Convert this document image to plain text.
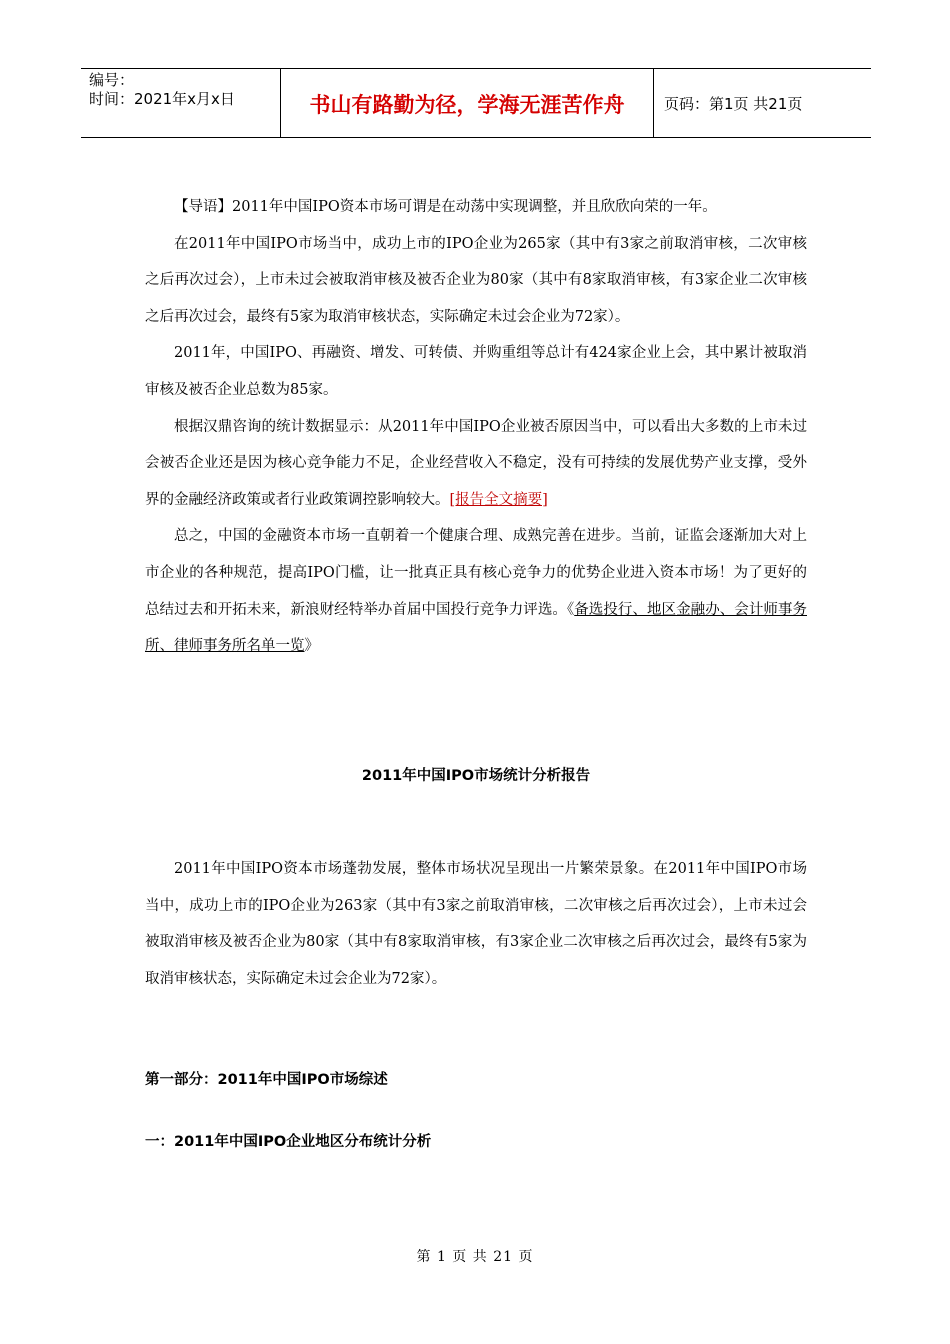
编号：
时间：2021年x月x日	书山有路勤为径，学海无涯苦作舟	页码：第1页 共21页

【导语】2011年中国IPO资本市场可谓是在动荡中实现调整，并且欣欣向荣的一年。

在2011年中国IPO市场当中，成功上市的IPO企业为265家（其中有3家之前取消审核，二次审核之后再次过会），上市未过会被取消审核及被否企业为80家（其中有8家取消审核，有3家企业二次审核之后再次过会，最终有5家为取消审核状态，实际确定未过会企业为72家）。

2011年，中国IPO、再融资、增发、可转债、并购重组等总计有424家企业上会，其中累计被取消审核及被否企业总数为85家。

根据汉鼎咨询的统计数据显示：从2011年中国IPO企业被否原因当中，可以看出大多数的上市未过会被否企业还是因为核心竞争能力不足，企业经营收入不稳定，没有可持续的发展优势产业支撑，受外界的金融经济政策或者行业政策调控影响较大。[报告全文摘要]

总之，中国的金融资本市场一直朝着一个健康合理、成熟完善在进步。当前，证监会逐渐加大对上市企业的各种规范，提高IPO门槛，让一批真正具有核心竞争力的优势企业进入资本市场！为了更好的总结过去和开拓未来，新浪财经特举办首届中国投行竞争力评选。《备选投行、地区金融办、会计师事务所、律师事务所名单一览》

2011年中国IPO市场统计分析报告

2011年中国IPO资本市场蓬勃发展，整体市场状况呈现出一片繁荣景象。在2011年中国IPO市场当中，成功上市的IPO企业为263家（其中有3家之前取消审核，二次审核之后再次过会），上市未过会被取消审核及被否企业为80家（其中有8家取消审核，有3家企业二次审核之后再次过会，最终有5家为取消审核状态，实际确定未过会企业为72家）。

第一部分：2011年中国IPO市场综述
一：2011年中国IPO企业地区分布统计分析
第 1 页 共 21 页
